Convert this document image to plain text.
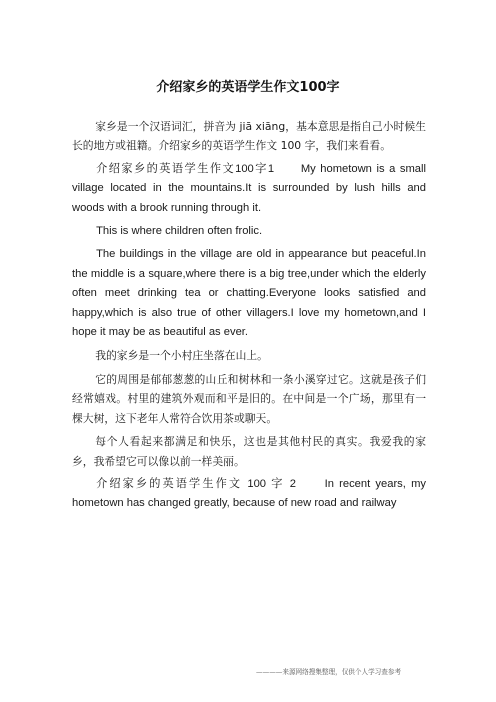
介绍家乡的英语学生作文100字

家乡是一个汉语词汇，拼音为 jiā xiāng，基本意思是指自己小时候生长的地方或祖籍。介绍家乡的英语学生作文 100 字，我们来看看。

介绍家乡的英语学生作文100字1　　My hometown is a small village located in the mountains.It is surrounded by lush hills and woods with a brook running through it.

This is where children often frolic.

The buildings in the village are old in appearance but peaceful.In the middle is a square,where there is a big tree,under which the elderly often meet drinking tea or chatting.Everyone looks satisfied and happy,which is also true of other villagers.I love my hometown,and I hope it may be as beautiful as ever.

我的家乡是一个小村庄坐落在山上。

它的周围是郁郁葱葱的山丘和树林和一条小溪穿过它。这就是孩子们经常嬉戏。村里的建筑外观而和平是旧的。在中间是一个广场，那里有一棵大树，这下老年人常符合饮用茶或聊天。

每个人看起来都满足和快乐，这也是其他村民的真实。我爱我的家乡，我希望它可以像以前一样美丽。

介绍家乡的英语学生作文 100 字 2　　In recent years, my hometown has changed greatly, because of new road and railway

————来源网络搜集整理，仅供个人学习查参考
